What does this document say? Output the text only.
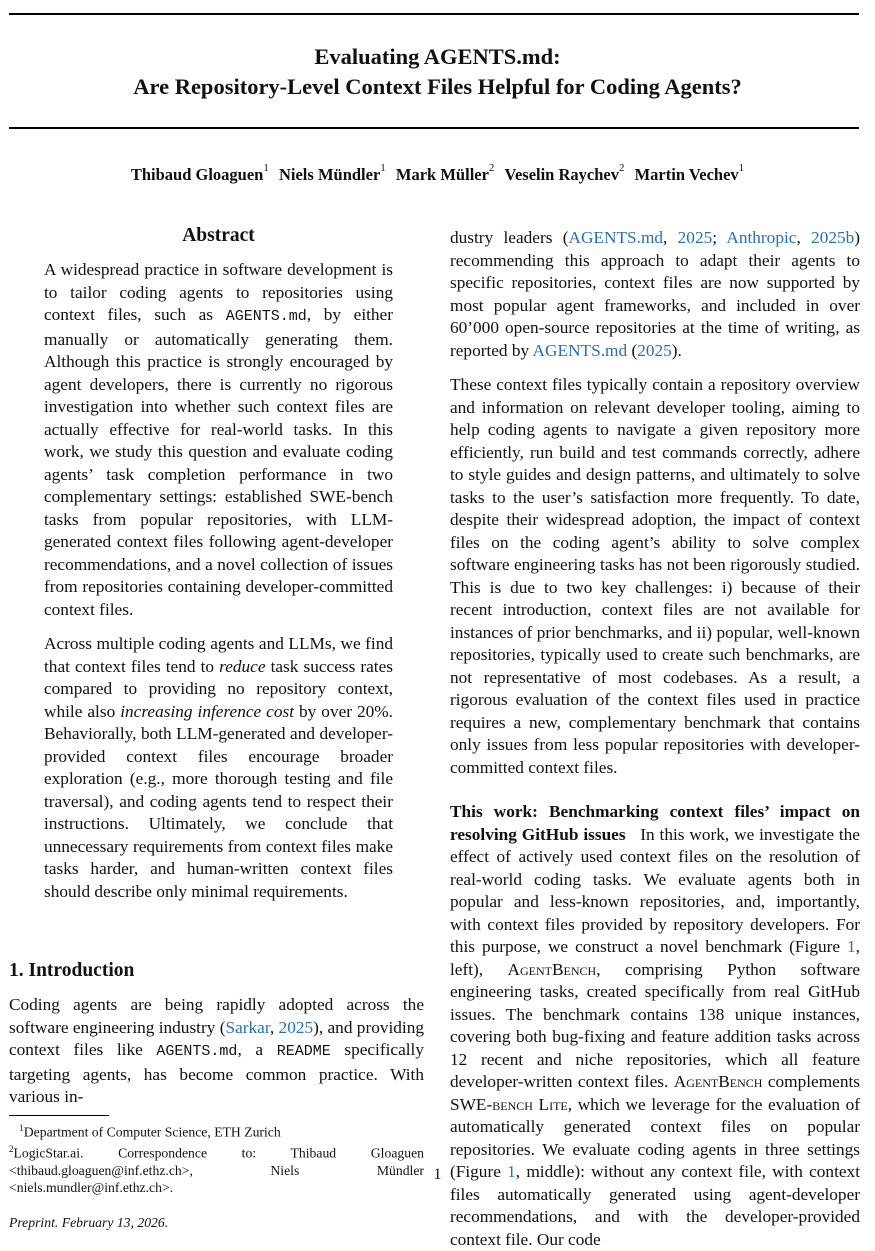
Evaluating AGENTS.md:
Are Repository-Level Context Files Helpful for Coding Agents?
Thibaud Gloaguen$^1$ Niels Mündler$^1$ Mark Müller$^2$ Veselin Raychev$^2$ Martin Vechev$^1$
Abstract

A widespread practice in software development is to tailor coding agents to repositories using context files, such as AGENTS.md, by either manually or automatically generating them. Although this practice is strongly encouraged by agent developers, there is currently no rigorous investigation into whether such context files are actually effective for real-world tasks. In this work, we study this question and evaluate coding agents’ task completion performance in two complementary settings: established SWE-bench tasks from popular repositories, with LLM-generated context files following agent-developer recommendations, and a novel collection of issues from repositories containing developer-committed context files.

Across multiple coding agents and LLMs, we find that context files tend to reduce task success rates compared to providing no repository context, while also increasing inference cost by over 20%. Behaviorally, both LLM-generated and developer-provided context files encourage broader exploration (e.g., more thorough testing and file traversal), and coding agents tend to respect their instructions. Ultimately, we conclude that unnecessary requirements from context files make tasks harder, and human-written context files should describe only minimal requirements.

1. Introduction

Coding agents are being rapidly adopted across the software engineering industry (Sarkar, 2025), and providing context files like AGENTS.md, a README specifically targeting agents, has become common practice. With various in-

$^1$Department of Computer Science, ETH Zurich
$^2$LogicStar.ai. Correspondence to: Thibaud Gloaguen <thibaud.gloaguen@inf.ethz.ch>, Niels Mündler <niels.mundler@inf.ethz.ch>.
Preprint. February 13, 2026.

dustry leaders (AGENTS.md, 2025; Anthropic, 2025b) recommending this approach to adapt their agents to specific repositories, context files are now supported by most popular agent frameworks, and included in over 60’000 open-source repositories at the time of writing, as reported by AGENTS.md (2025).

These context files typically contain a repository overview and information on relevant developer tooling, aiming to help coding agents to navigate a given repository more efficiently, run build and test commands correctly, adhere to style guides and design patterns, and ultimately to solve tasks to the user’s satisfaction more frequently. To date, despite their widespread adoption, the impact of context files on the coding agent’s ability to solve complex software engineering tasks has not been rigorously studied. This is due to two key challenges: i) because of their recent introduction, context files are not available for instances of prior benchmarks, and ii) popular, well-known repositories, typically used to create such benchmarks, are not representative of most codebases. As a result, a rigorous evaluation of the context files used in practice requires a new, complementary benchmark that contains only issues from less popular repositories with developer-committed context files.

This work: Benchmarking context files’ impact on resolving GitHub issues In this work, we investigate the effect of actively used context files on the resolution of real-world coding tasks. We evaluate agents both in popular and less-known repositories, and, importantly, with context files provided by repository developers. For this purpose, we construct a novel benchmark (Figure 1, left), AgentBench, comprising Python software engineering tasks, created specifically from real GitHub issues. The benchmark contains 138 unique instances, covering both bug-fixing and feature addition tasks across 12 recent and niche repositories, which all feature developer-written context files. AgentBench complements SWE-bench Lite, which we leverage for the evaluation of automatically generated context files on popular repositories. We evaluate coding agents in three settings (Figure 1, middle): without any context file, with context files automatically generated using agent-developer recommendations, and with the developer-provided context file. Our code

1
